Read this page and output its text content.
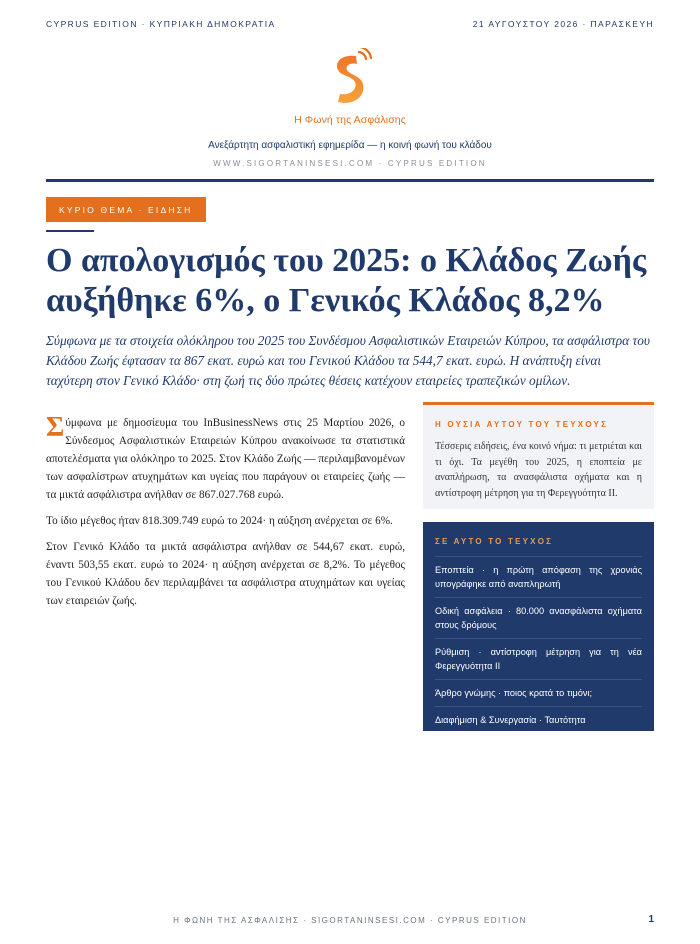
CYPRUS EDITION · ΚΥΠΡΙΑΚΗ ΔΗΜΟΚΡΑΤΙΑ	21 ΑΥΓΟΥΣΤΟΥ 2026 · ΠΑΡΑΣΚΕΥΗ
Η Φωνή της Ασφάλισης
Ανεξάρτητη ασφαλιστική εφημερίδα — η κοινή φωνή του κλάδου
WWW.SIGORTANINSESI.COM · CYPRUS EDITION
ΚΥΡΙΟ ΘΕΜΑ · ΕΙΔΗΣΗ
Ο απολογισμός του 2025: ο Κλάδος Ζωής αυξήθηκε 6%, ο Γενικός Κλάδος 8,2%

Σύμφωνα με τα στοιχεία ολόκληρου του 2025 του Συνδέσμου Ασφαλιστικών Εταιρειών Κύπρου, τα ασφάλιστρα του Κλάδου Ζωής έφτασαν τα 867 εκατ. ευρώ και του Γενικού Κλάδου τα 544,7 εκατ. ευρώ. Η ανάπτυξη είναι ταχύτερη στον Γενικό Κλάδο· στη ζωή τις δύο πρώτες θέσεις κατέχουν εταιρείες τραπεζικών ομίλων.

Σύμφωνα με δημοσίευμα του InBusinessNews στις 25 Μαρτίου 2026, ο Σύνδεσμος Ασφαλιστικών Εταιρειών Κύπρου ανακοίνωσε τα στατιστικά αποτελέσματα για ολόκληρο το 2025. Στον Κλάδο Ζωής — περιλαμβανομένων των ασφαλίστρων ατυχημάτων και υγείας που παράγουν οι εταιρείες ζωής — τα μικτά ασφάλιστρα ανήλθαν σε 867.027.768 ευρώ.

Το ίδιο μέγεθος ήταν 818.309.749 ευρώ το 2024· η αύξηση ανέρχεται σε 6%.

Στον Γενικό Κλάδο τα μικτά ασφάλιστρα ανήλθαν σε 544,67 εκατ. ευρώ, έναντι 503,55 εκατ. ευρώ το 2024· η αύξηση ανέρχεται σε 8,2%. Το μέγεθος του Γενικού Κλάδου δεν περιλαμβάνει τα ασφάλιστρα ατυχημάτων και υγείας των εταιρειών ζωής.

Η ΟΥΣΙΑ ΑΥΤΟΥ ΤΟΥ ΤΕΥΧΟΥΣ
Τέσσερις ειδήσεις, ένα κοινό νήμα: τι μετριέται και τι όχι. Τα μεγέθη του 2025, η εποπτεία με αναπλήρωση, τα ανασφάλιστα οχήματα και η αντίστροφη μέτρηση για τη Φερεγγυότητα ΙΙ.
ΣΕ ΑΥΤΟ ΤΟ ΤΕΥΧΟΣ
Εποπτεία · η πρώτη απόφαση της χρονιάς υπογράφηκε από αναπληρωτή
Οδική ασφάλεια · 80.000 ανασφάλιστα οχήματα στους δρόμους
Ρύθμιση · αντίστροφη μέτρηση για τη νέα Φερεγγυότητα ΙΙ
Άρθρο γνώμης · ποιος κρατά το τιμόνι;
Διαφήμιση & Συνεργασία · Ταυτότητα
Η ΦΩΝΗ ΤΗΣ ΑΣΦΑΛΙΣΗΣ · SIGORTANINSESI.COM · CYPRUS EDITION	1
